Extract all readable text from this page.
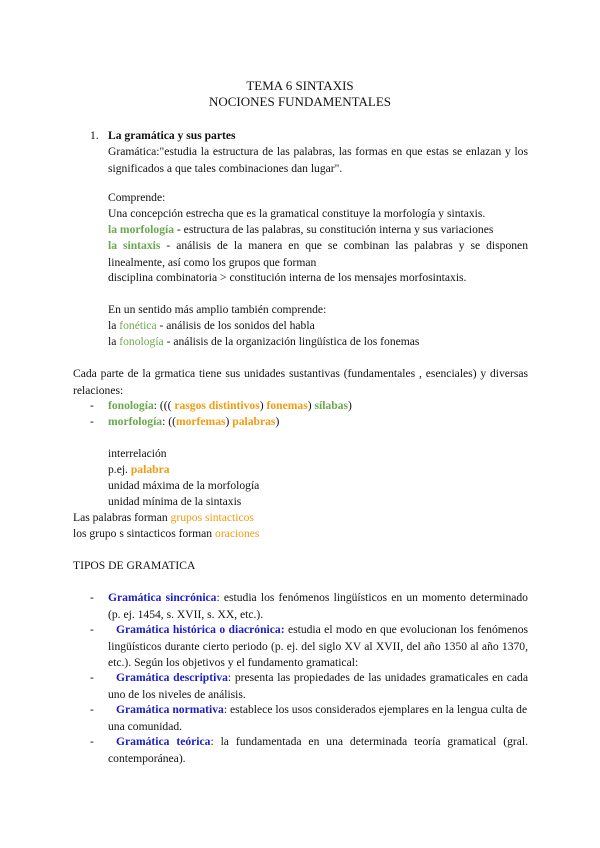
TEMA 6 SINTAXIS
NOCIONES FUNDAMENTALES
1. La gramática y sus partes
Gramática:"estudia la estructura de las palabras, las formas en que estas se enlazan y los significados a que tales combinaciones dan lugar".
Comprende:
Una concepción estrecha que es la gramatical constituye la morfología y sintaxis.
la morfología - estructura de las palabras, su constitución interna y sus variaciones
la sintaxis - análisis de la manera en que se combinan las palabras y se disponen linealmente, así como los grupos que forman
disciplina combinatoria > constitución interna de los mensajes morfosintaxis.
En un sentido más amplio también comprende:
la fonética - análisis de los sonidos del habla
la fonología - análisis de la organización lingüística de los fonemas
Cada parte de la grmatica tiene sus unidades sustantivas (fundamentales , esenciales) y diversas relaciones:
- fonología: ((( rasgos distintivos) fonemas) sílabas)
- morfología: ((morfemas) palabras)
interrelación
p.ej. palabra
unidad máxima de la morfología
unidad mínima de la sintaxis
Las palabras forman grupos sintacticos
los grupo s sintacticos forman oraciones
TIPOS DE GRAMATICA
- Gramática sincrónica: estudia los fenómenos lingüísticos en un momento determinado (p. ej. 1454, s. XVII, s. XX, etc.).
-	Gramática histórica o diacrónica: estudia el modo en que evolucionan los fenómenos lingüísticos durante cierto periodo (p. ej. del siglo XV al XVII, del año 1350 al año 1370, etc.). Según los objetivos y el fundamento gramatical:
-	Gramática descriptiva: presenta las propiedades de las unidades gramaticales en cada uno de los niveles de análisis.
-	Gramática normativa: establece los usos considerados ejemplares en la lengua culta de una comunidad.
-	Gramática teórica: la fundamentada en una determinada teoría gramatical (gral. contemporánea).
